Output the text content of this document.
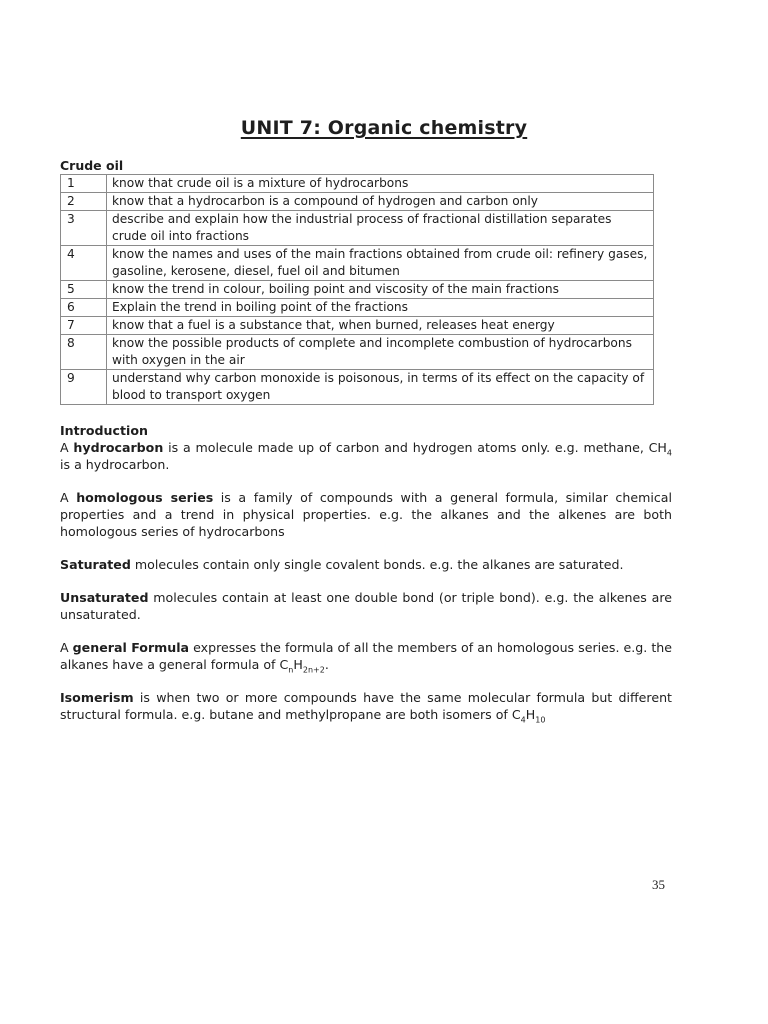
UNIT 7: Organic chemistry
Crude oil
1	know that crude oil is a mixture of hydrocarbons
2	know that a hydrocarbon is a compound of hydrogen and carbon only
3	describe and explain how the industrial process of fractional distillation separates crude oil into fractions
4	know the names and uses of the main fractions obtained from crude oil: refinery gases, gasoline, kerosene, diesel, fuel oil and bitumen
5	know the trend in colour, boiling point and viscosity of the main fractions
6	Explain the trend in boiling point of the fractions
7	know that a fuel is a substance that, when burned, releases heat energy
8	know the possible products of complete and incomplete combustion of hydrocarbons with oxygen in the air
9	understand why carbon monoxide is poisonous, in terms of its effect on the capacity of blood to transport oxygen
Introduction

A hydrocarbon is a molecule made up of carbon and hydrogen atoms only. e.g. methane, $CH_4$ is a hydrocarbon.

A homologous series is a family of compounds with a general formula, similar chemical properties and a trend in physical properties. e.g. the alkanes and the alkenes are both homologous series of hydrocarbons

Saturated molecules contain only single covalent bonds. e.g. the alkanes are saturated.

Unsaturated molecules contain at least one double bond (or triple bond). e.g. the alkenes are unsaturated.

A general Formula expresses the formula of all the members of an homologous series. e.g. the alkanes have a general formula of $C_nH_{2n+2}$.

Isomerism is when two or more compounds have the same molecular formula but different structural formula. e.g. butane and methylpropane are both isomers of $C_4H_{10}$

35
